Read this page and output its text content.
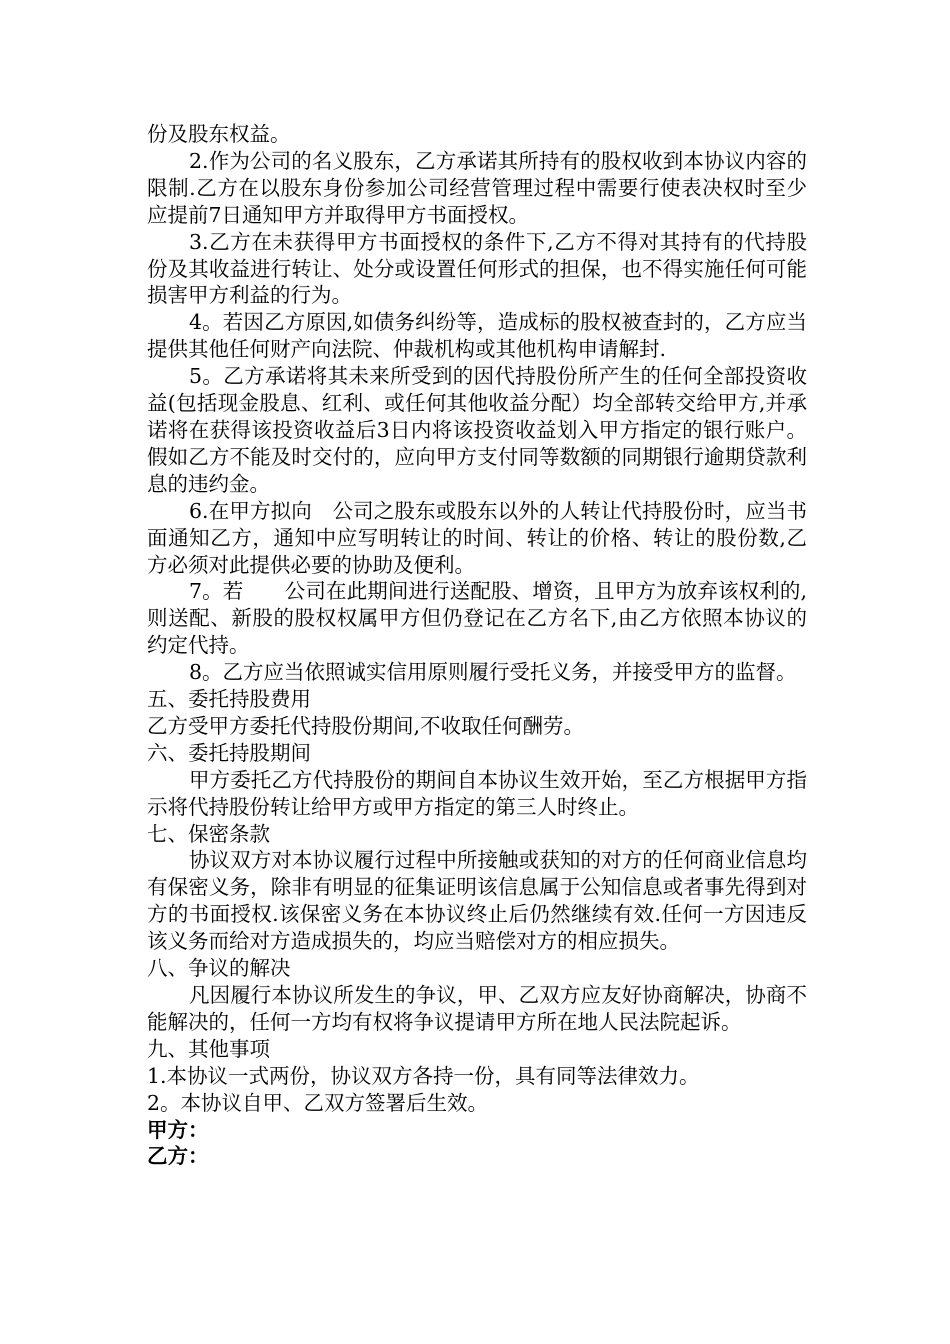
份及股东权益。

2.作为公司的名义股东，乙方承诺其所持有的股权收到本协议内容的限制.乙方在以股东身份参加公司经营管理过程中需要行使表决权时至少应提前7日通知甲方并取得甲方书面授权。

3.乙方在未获得甲方书面授权的条件下,乙方不得对其持有的代持股份及其收益进行转让、处分或设置任何形式的担保，也不得实施任何可能损害甲方利益的行为。

4。若因乙方原因,如债务纠纷等，造成标的股权被查封的，乙方应当提供其他任何财产向法院、仲裁机构或其他机构申请解封.

5。乙方承诺将其未来所受到的因代持股份所产生的任何全部投资收益(包括现金股息、红利、或任何其他收益分配）均全部转交给甲方,并承诺将在获得该投资收益后3日内将该投资收益划入甲方指定的银行账户。假如乙方不能及时交付的，应向甲方支付同等数额的同期银行逾期贷款利息的违约金。

6.在甲方拟向　公司之股东或股东以外的人转让代持股份时，应当书面通知乙方，通知中应写明转让的时间、转让的价格、转让的股份数,乙方必须对此提供必要的协助及便利。

7。若　　公司在此期间进行送配股、增资，且甲方为放弃该权利的,则送配、新股的股权权属甲方但仍登记在乙方名下,由乙方依照本协议的约定代持。

8。乙方应当依照诚实信用原则履行受托义务，并接受甲方的监督。

五、委托持股费用

乙方受甲方委托代持股份期间,不收取任何酬劳。

六、委托持股期间

甲方委托乙方代持股份的期间自本协议生效开始，至乙方根据甲方指示将代持股份转让给甲方或甲方指定的第三人时终止。

七、保密条款

协议双方对本协议履行过程中所接触或获知的对方的任何商业信息均有保密义务，除非有明显的征集证明该信息属于公知信息或者事先得到对方的书面授权.该保密义务在本协议终止后仍然继续有效.任何一方因违反该义务而给对方造成损失的，均应当赔偿对方的相应损失。

八、争议的解决

凡因履行本协议所发生的争议，甲、乙双方应友好协商解决，协商不能解决的，任何一方均有权将争议提请甲方所在地人民法院起诉。

九、其他事项

1.本协议一式两份，协议双方各持一份，具有同等法律效力。

2。本协议自甲、乙双方签署后生效。

甲方：

乙方：
